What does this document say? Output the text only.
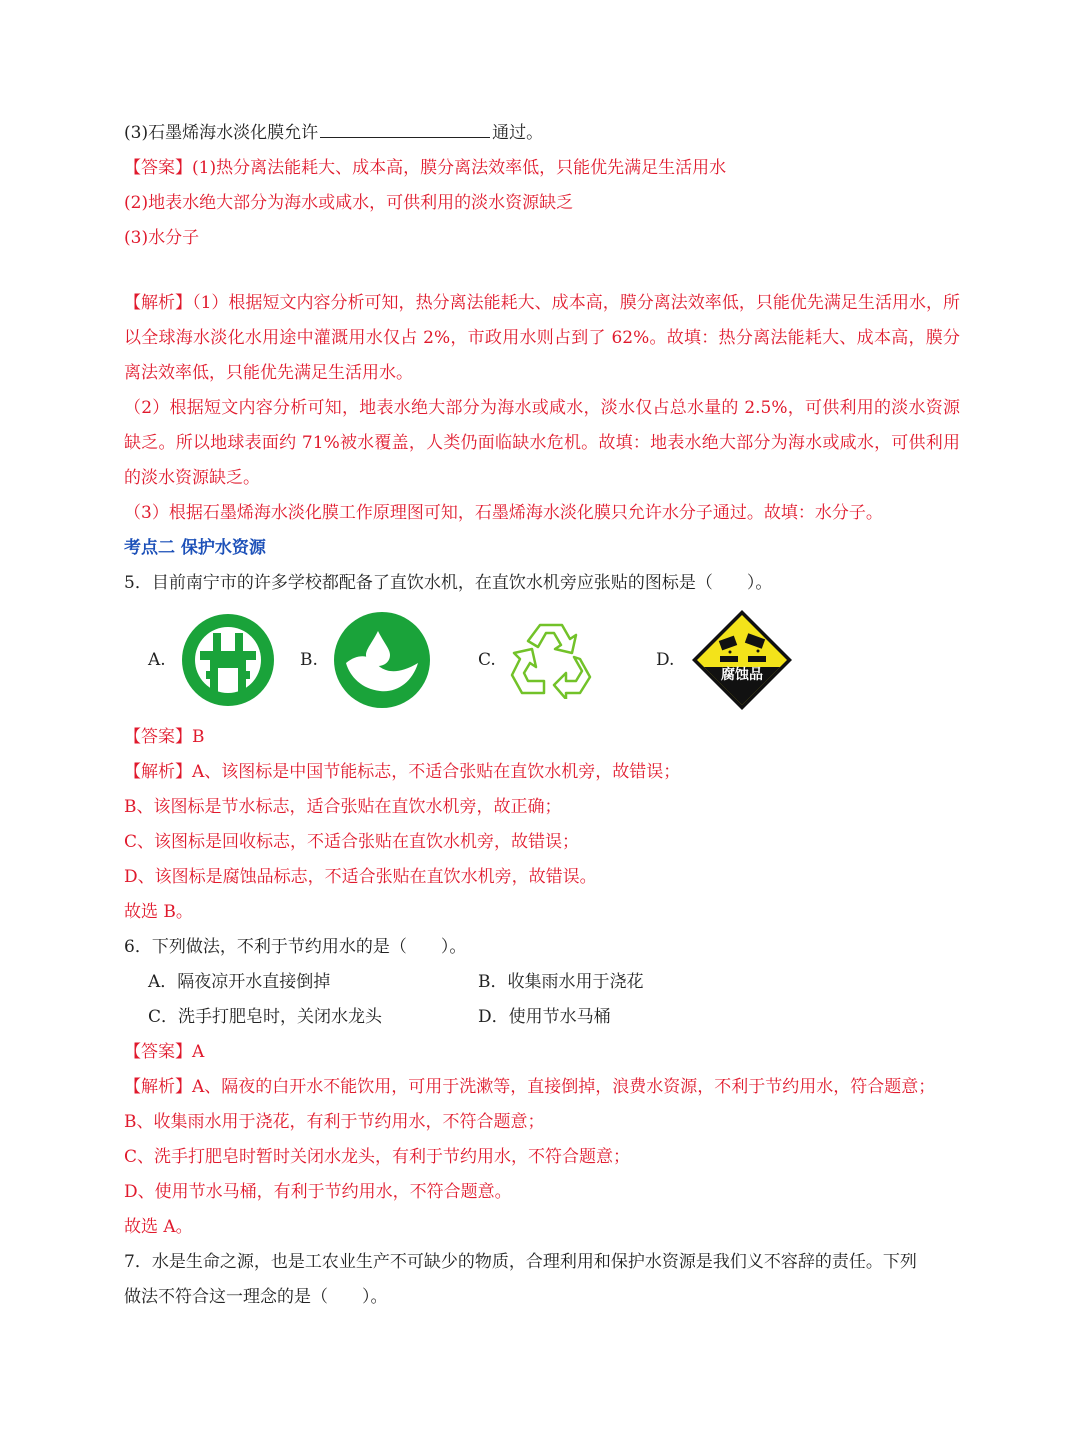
(3)石墨烯海水淡化膜允许	通过。
【答案】(1)热分离法能耗大、成本高，膜分离法效率低，只能优先满足生活用水
(2)地表水绝大部分为海水或咸水，可供利用的淡水资源缺乏
(3)水分子
【解析】（1）根据短文内容分析可知，热分离法能耗大、成本高，膜分离法效率低，只能优先满足生活用水，所以全球海水淡化水用途中灌溉用水仅占 2%，市政用水则占到了 62%。故填：热分离法能耗大、成本高，膜分离法效率低，只能优先满足生活用水。
（2）根据短文内容分析可知，地表水绝大部分为海水或咸水，淡水仅占总水量的 2.5%，可供利用的淡水资源缺乏。所以地球表面约 71%被水覆盖，人类仍面临缺水危机。故填：地表水绝大部分为海水或咸水，可供利用的淡水资源缺乏。
（3）根据石墨烯海水淡化膜工作原理图可知，石墨烯海水淡化膜只允许水分子通过。故填：水分子。
考点二 保护水资源
5．目前南宁市的许多学校都配备了直饮水机，在直饮水机旁应张贴的图标是（　　）。
A.	B.	C.	D.
腐蚀品
【答案】B
【解析】A、该图标是中国节能标志，不适合张贴在直饮水机旁，故错误；
B、该图标是节水标志，适合张贴在直饮水机旁，故正确；
C、该图标是回收标志，不适合张贴在直饮水机旁，故错误；
D、该图标是腐蚀品标志，不适合张贴在直饮水机旁，故错误。
故选 B。
6．下列做法，不利于节约用水的是（　　）。
A．隔夜凉开水直接倒掉	B．收集雨水用于浇花
C．洗手打肥皂时，关闭水龙头	D．使用节水马桶
【答案】A
【解析】A、隔夜的白开水不能饮用，可用于洗漱等，直接倒掉，浪费水资源，不利于节约用水，符合题意；
B、收集雨水用于浇花，有利于节约用水，不符合题意；
C、洗手打肥皂时暂时关闭水龙头，有利于节约用水，不符合题意；
D、使用节水马桶，有利于节约用水，不符合题意。
故选 A。
7．水是生命之源，也是工农业生产不可缺少的物质，合理利用和保护水资源是我们义不容辞的责任。下列
做法不符合这一理念的是（　　）。
